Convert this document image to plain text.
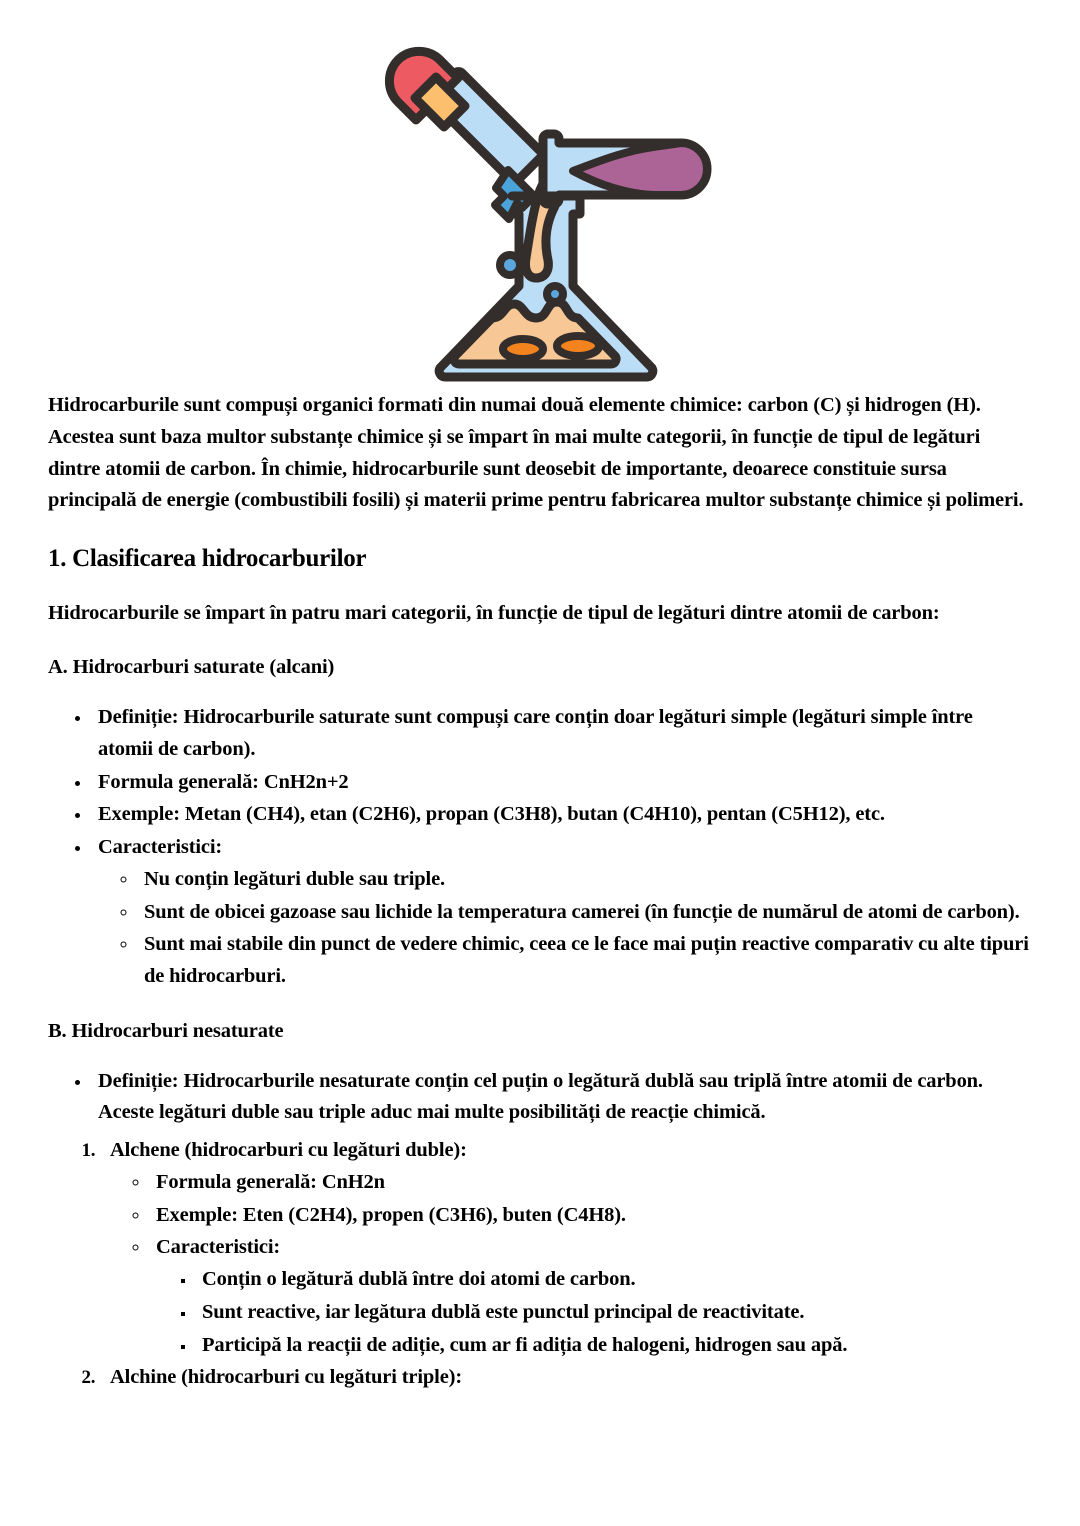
Hidrocarburile sunt compuși organici formati din numai două elemente chimice: carbon (C) și hidrogen (H). Acestea sunt baza multor substanțe chimice și se împart în mai multe categorii, în funcție de tipul de legături dintre atomii de carbon. În chimie, hidrocarburile sunt deosebit de importante, deoarece constituie sursa principală de energie (combustibili fosili) și materii prime pentru fabricarea multor substanțe chimice și polimeri.

1. Clasificarea hidrocarburilor

Hidrocarburile se împart în patru mari categorii, în funcție de tipul de legături dintre atomii de carbon:

A. Hidrocarburi saturate (alcani)
• Definiție: Hidrocarburile saturate sunt compuși care conțin doar legături simple (legături simple între atomii de carbon).
• Formula generală: CnH2n+2
• Exemple: Metan (CH4), etan (C2H6), propan (C3H8), butan (C4H10), pentan (C5H12), etc.
• Caracteristici:
◦ Nu conțin legături duble sau triple.
◦ Sunt de obicei gazoase sau lichide la temperatura camerei (în funcție de numărul de atomi de carbon).
◦ Sunt mai stabile din punct de vedere chimic, ceea ce le face mai puțin reactive comparativ cu alte tipuri de hidrocarburi.
B. Hidrocarburi nesaturate
• Definiție: Hidrocarburile nesaturate conțin cel puțin o legătură dublă sau triplă între atomii de carbon. Aceste legături duble sau triple aduc mai multe posibilități de reacție chimică.
1. Alchene (hidrocarburi cu legături duble):
◦ Formula generală: CnH2n
◦ Exemple: Eten (C2H4), propen (C3H6), buten (C4H8).
◦ Caracteristici:
▪ Conțin o legătură dublă între doi atomi de carbon.
▪ Sunt reactive, iar legătura dublă este punctul principal de reactivitate.
▪ Participă la reacții de adiție, cum ar fi adiția de halogeni, hidrogen sau apă.
2. Alchine (hidrocarburi cu legături triple):
